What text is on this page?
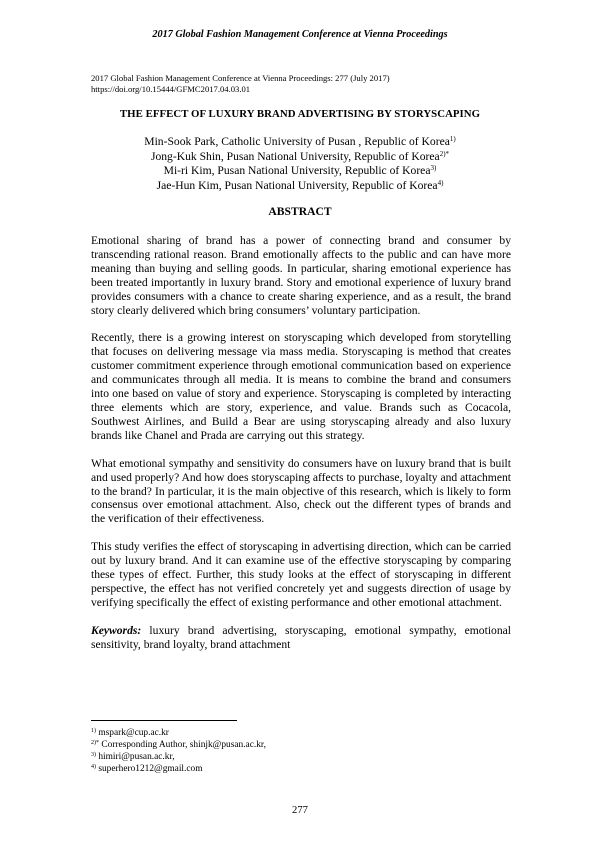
2017 Global Fashion Management Conference at Vienna Proceedings
2017 Global Fashion Management Conference at Vienna Proceedings: 277 (July 2017)
https://doi.org/10.15444/GFMC2017.04.03.01
THE EFFECT OF LUXURY BRAND ADVERTISING BY STORYSCAPING
Min-Sook Park, Catholic University of Pusan , Republic of Korea$^{1)}$
Jong-Kuk Shin, Pusan National University, Republic of Korea$^{2)*}$
Mi-ri Kim, Pusan National University, Republic of Korea$^{3)}$
Jae-Hun Kim, Pusan National University, Republic of Korea$^{4)}$
ABSTRACT

Emotional sharing of brand has a power of connecting brand and consumer by transcending rational reason. Brand emotionally affects to the public and can have more meaning than buying and selling goods. In particular, sharing emotional experience has been treated importantly in luxury brand. Story and emotional experience of luxury brand provides consumers with a chance to create sharing experience, and as a result, the brand story clearly delivered which bring consumers’ voluntary participation.

Recently, there is a growing interest on storyscaping which developed from storytelling that focuses on delivering message via mass media. Storyscaping is method that creates customer commitment experience through emotional communication based on experience and communicates through all media. It is means to combine the brand and consumers into one based on value of story and experience. Storyscaping is completed by interacting three elements which are story, experience, and value. Brands such as Cocacola, Southwest Airlines, and Build a Bear are using storyscaping already and also luxury brands like Chanel and Prada are carrying out this strategy.

What emotional sympathy and sensitivity do consumers have on luxury brand that is built and used properly? And how does storyscaping affects to purchase, loyalty and attachment to the brand? In particular, it is the main objective of this research, which is likely to form consensus over emotional attachment. Also, check out the different types of brands and the verification of their effectiveness.

This study verifies the effect of storyscaping in advertising direction, which can be carried out by luxury brand. And it can examine use of the effective storyscaping by comparing these types of effect. Further, this study looks at the effect of storyscaping in different perspective, the effect has not verified concretely yet and suggests direction of usage by verifying specifically the effect of existing performance and other emotional attachment.

Keywords: luxury brand advertising, storyscaping, emotional sympathy, emotional sensitivity, brand loyalty, brand attachment

$^{1)}$ mspark@cup.ac.kr
$^{2)*}$ Corresponding Author, shinjk@pusan.ac.kr,
$^{3)}$ himiri@pusan.ac.kr,
$^{4)}$ superhero1212@gmail.com
277
